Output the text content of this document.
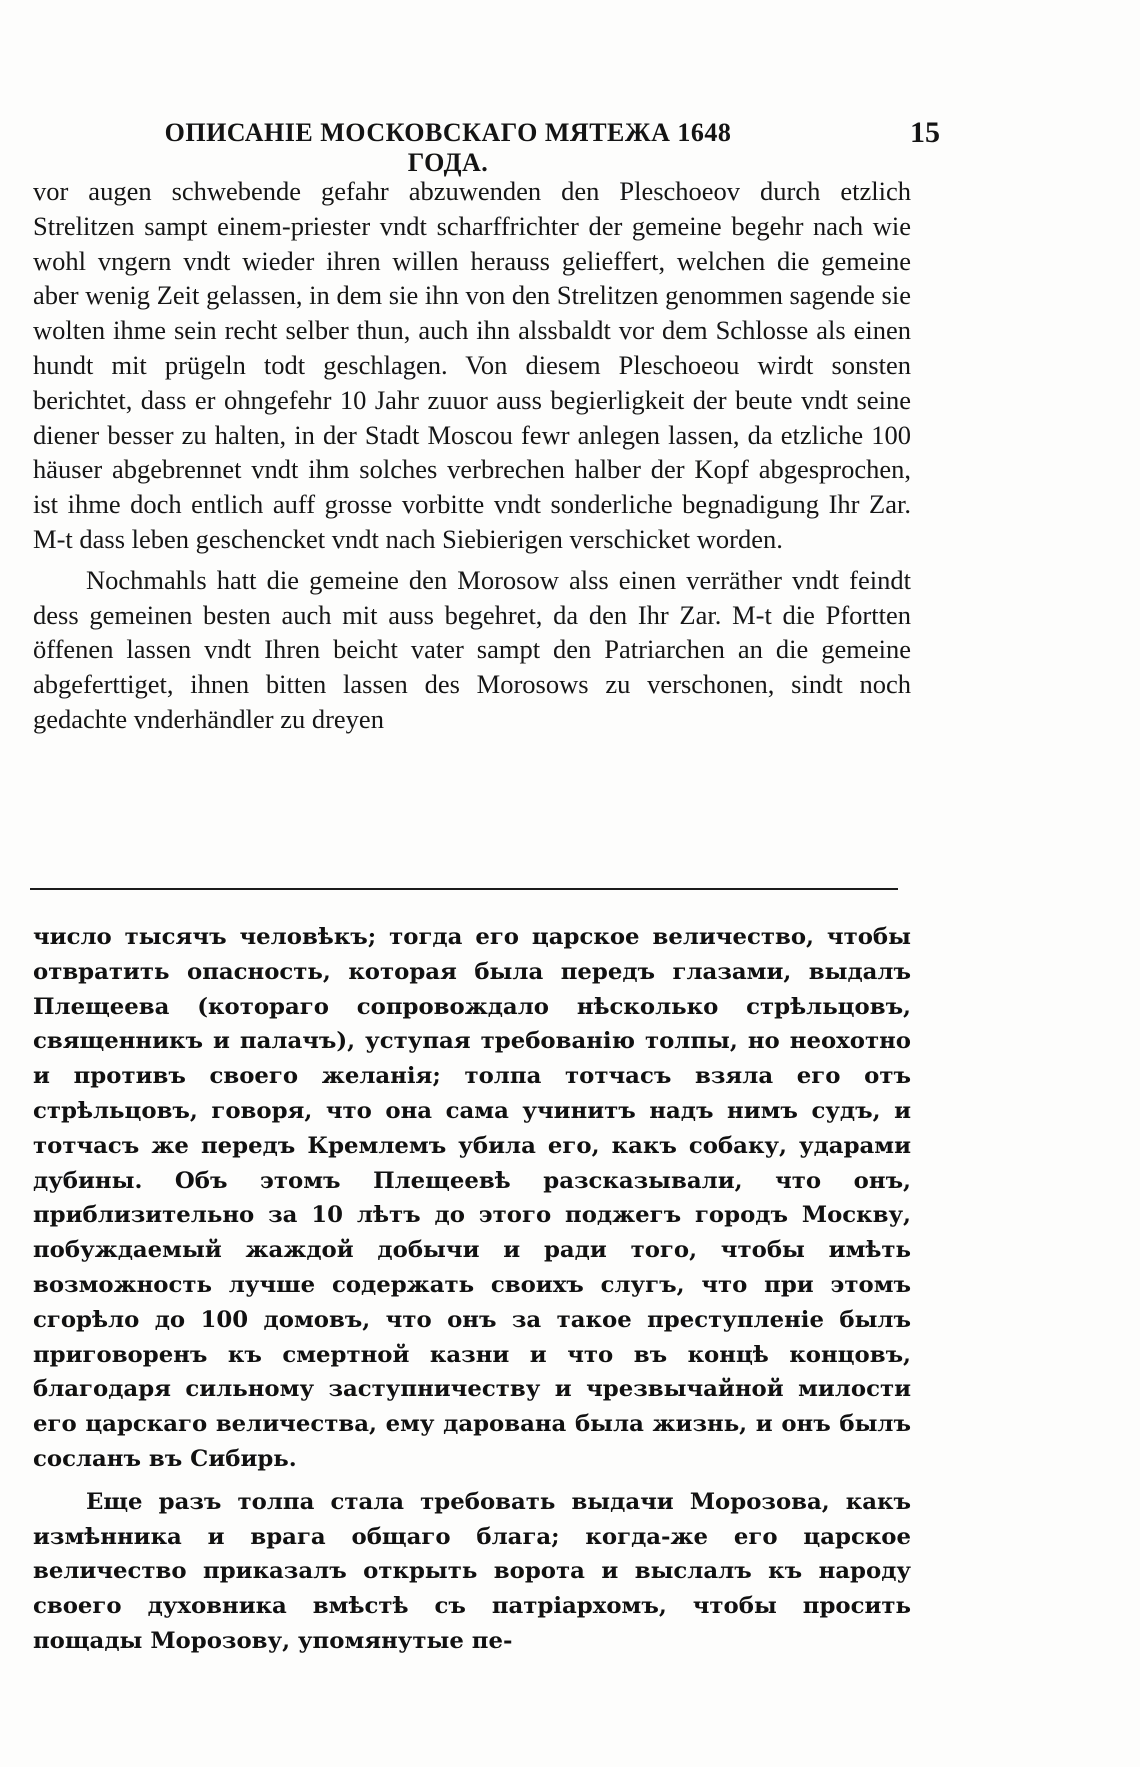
ОПИСАНІЕ МОСКОВСКАГО МЯТЕЖА 1648 ГОДА.
15

vor augen schwebende gefahr abzuwenden den Pleschoeov durch etzlich Strelitzen sampt einem-priester vndt scharffrichter der gemeine begehr nach wie wohl vngern vndt wieder ihren willen herauss gelieffert, welchen die gemeine aber wenig Zeit gelassen, in dem sie ihn von den Strelitzen genommen sagende sie wolten ihme sein recht selber thun, auch ihn alssbaldt vor dem Schlosse als einen hundt mit prügeln todt geschlagen. Von diesem Pleschoeou wirdt sonsten berichtet, dass er ohngefehr 10 Jahr zuuor auss begierligkeit der beute vndt seine diener besser zu halten, in der Stadt Moscou fewr anlegen lassen, da etzliche 100 häuser abgebrennet vndt ihm solches verbrechen halber der Kopf abgesprochen, ist ihme doch entlich auff grosse vorbitte vndt sonderliche begnadigung Ihr Zar. M-t dass leben geschencket vndt nach Siebierigen verschicket worden.

Nochmahls hatt die gemeine den Morosow alss einen verräther vndt feindt dess gemeinen besten auch mit auss begehret, da den Ihr Zar. M-t die Pfortten öffenen lassen vndt Ihren beicht vater sampt den Patriarchen an die gemeine abgeferttiget, ihnen bitten lassen des Morosows zu verschonen, sindt noch gedachte vnderhändler zu dreyen

число тысячъ человѣкъ; тогда его царское величество, чтобы отвратить опасность, которая была передъ глазами, выдалъ Плещеева (котораго сопровождало нѣсколько стрѣльцовъ, священникъ и палачъ), уступая требованію толпы, но неохотно и противъ своего желанія; толпа тотчасъ взяла его отъ стрѣльцовъ, говоря, что она сама учинитъ надъ нимъ судъ, и тотчасъ же передъ Кремлемъ убила его, какъ собаку, ударами дубины. Объ этомъ Плещеевѣ разсказывали, что онъ, приблизительно за 10 лѣтъ до этого поджегъ городъ Москву, побуждаемый жаждой добычи и ради того, чтобы имѣть возможность лучше содержать своихъ слугъ, что при этомъ сгорѣло до 100 домовъ, что онъ за такое преступленіе былъ приговоренъ къ смертной казни и что въ концѣ концовъ, благодаря сильному заступничеству и чрезвычайной милости его царскаго величества, ему дарована была жизнь, и онъ былъ сосланъ въ Сибирь.

Еще разъ толпа стала требовать выдачи Морозова, какъ измѣнника и врага общаго блага; когда-же его царское величество приказалъ открыть ворота и выслалъ къ народу своего духовника вмѣстѣ съ патріархомъ, чтобы просить пощады Морозову, упомянутые пе-
